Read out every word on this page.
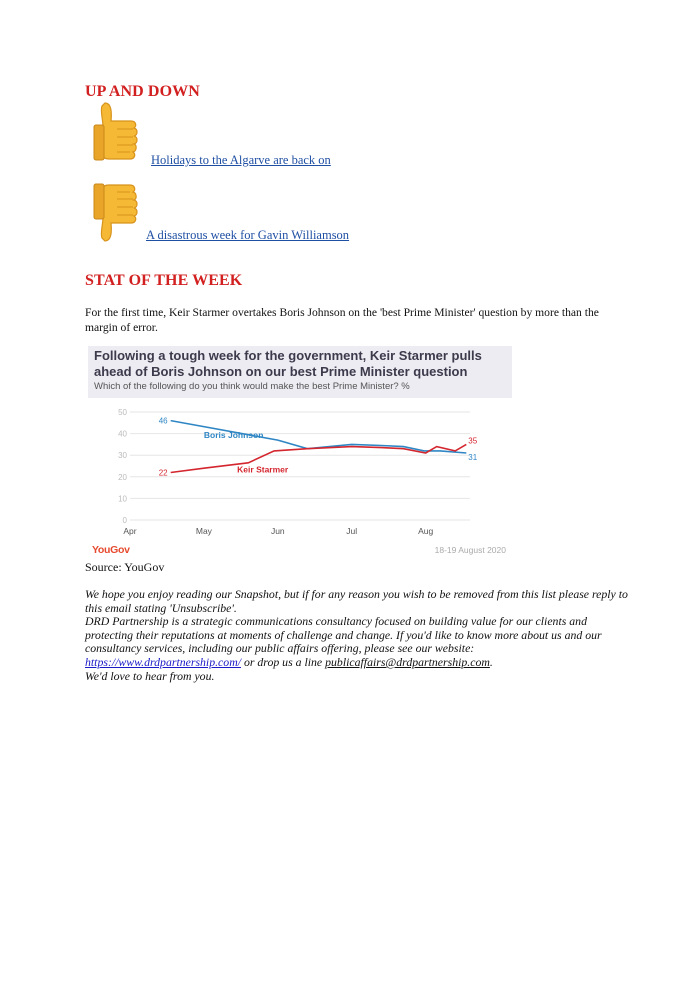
UP AND DOWN
Holidays to the Algarve are back on
A disastrous week for Gavin Williamson
STAT OF THE WEEK

For the first time, Keir Starmer overtakes Boris Johnson on the 'best Prime Minister' question by more than the margin of error.

Following a tough week for the government, Keir Starmer pulls ahead of Boris Johnson on our best Prime Minister question

Which of the following do you think would make the best Prime Minister? %

0
10
20
30
40
50
Apr	May	Jun	Jul	Aug
46
31
Boris Johnson
22
35
Keir Starmer
YouGov	18-19 August 2020

Source: YouGov

We hope you enjoy reading our Snapshot, but if for any reason you wish to be removed from this list please reply to this email stating 'Unsubscribe'.

DRD Partnership is a strategic communications consultancy focused on building value for our clients and protecting their reputations at moments of challenge and change. If you'd like to know more about us and our consultancy services, including our public affairs offering, please see our website: https://www.drdpartnership.com/ or drop us a line publicaffairs@drdpartnership.com.

We'd love to hear from you.
